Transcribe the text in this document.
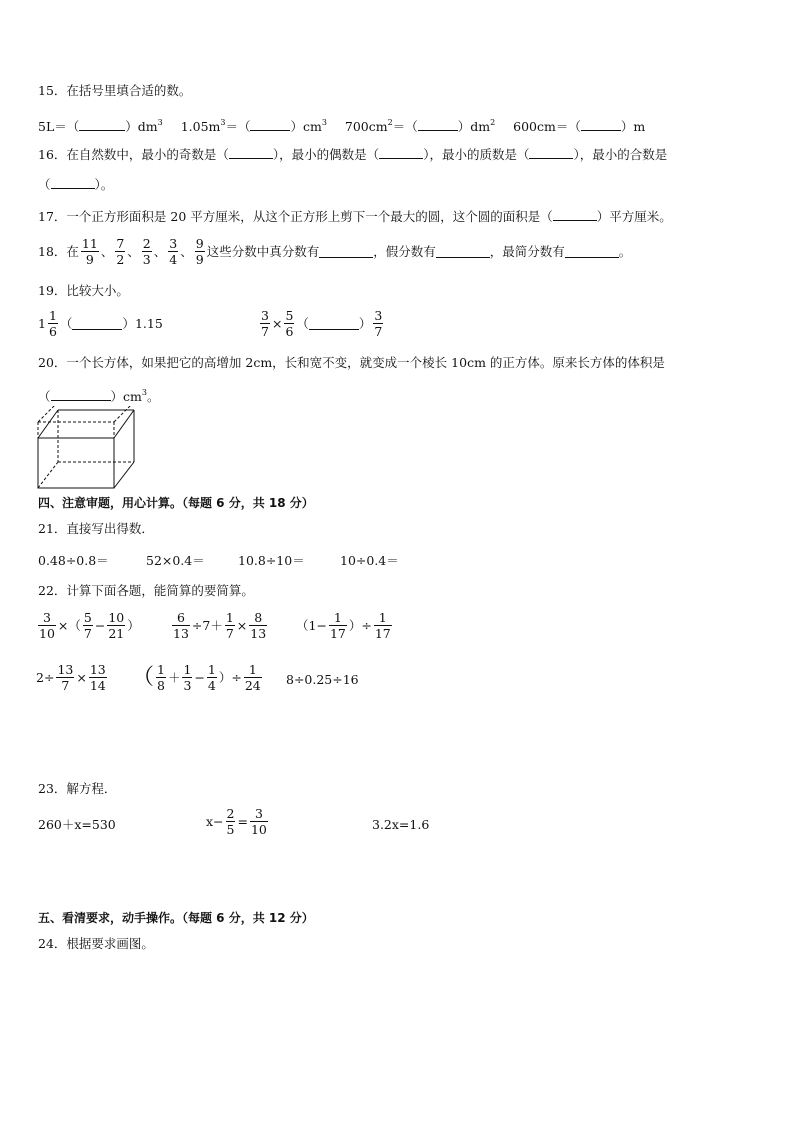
15．在括号里填合适的数。
5L＝（	）$dm^3$ $1.05m^3=$（	）$cm^3$ $700cm^2=$（	）$dm^2$ 600cm＝（	）m
16．在自然数中，最小的奇数是（	），最小的偶数是（	），最小的质数是（	），最小的合数是
（	）。
17．一个正方形面积是 20 平方厘米，从这个正方形上剪下一个最大的圆，这个圆的面积是（	）平方厘米。
18．在 $\frac{11}{9}$ 、 $\frac{7}{2}$ 、 $\frac{2}{3}$ 、 $\frac{3}{4}$ 、 $\frac{9}{9}$ 这些分数中真分数有	，假分数有	，最简分数有	。
19．比较大小。
$1 \frac{1}{6}$ （	） 1.15	$\frac{3}{7} \times \frac{5}{6}$ （	） $\frac{3}{7}$
20．一个长方体，如果把它的高增加 2cm，长和宽不变，就变成一个棱长 10cm 的正方体。原来长方体的体积是
（	）$cm^3$。
四、注意审题，用心计算。（每题 6 分，共 18 分）
21．直接写出得数．
0.48÷0.8＝	52×0.4＝	10.8÷10＝	10÷0.4＝
22．计算下面各题，能简算的要简算。
$\frac{3}{10}$ ×（ $\frac{5}{7} - \frac{10}{21}$ ）	$\frac{6}{13} \div 7+ \frac{1}{7} \times \frac{8}{13} (1- \frac{1}{17}$ ）÷ $\frac{1}{17}$
$2\div \frac{13}{7} \times \frac{13}{14}$ （ $\frac{1}{8} + \frac{1}{3} - \frac{1}{4}$ ）÷ $\frac{1}{24} 8\div 0.25\div 16$
23．解方程．
260＋x=530	$x- \frac{2}{5} = \frac{3}{10}$	3.2x=1.6
五、看清要求，动手操作。（每题 6 分，共 12 分）
24．根据要求画图。
